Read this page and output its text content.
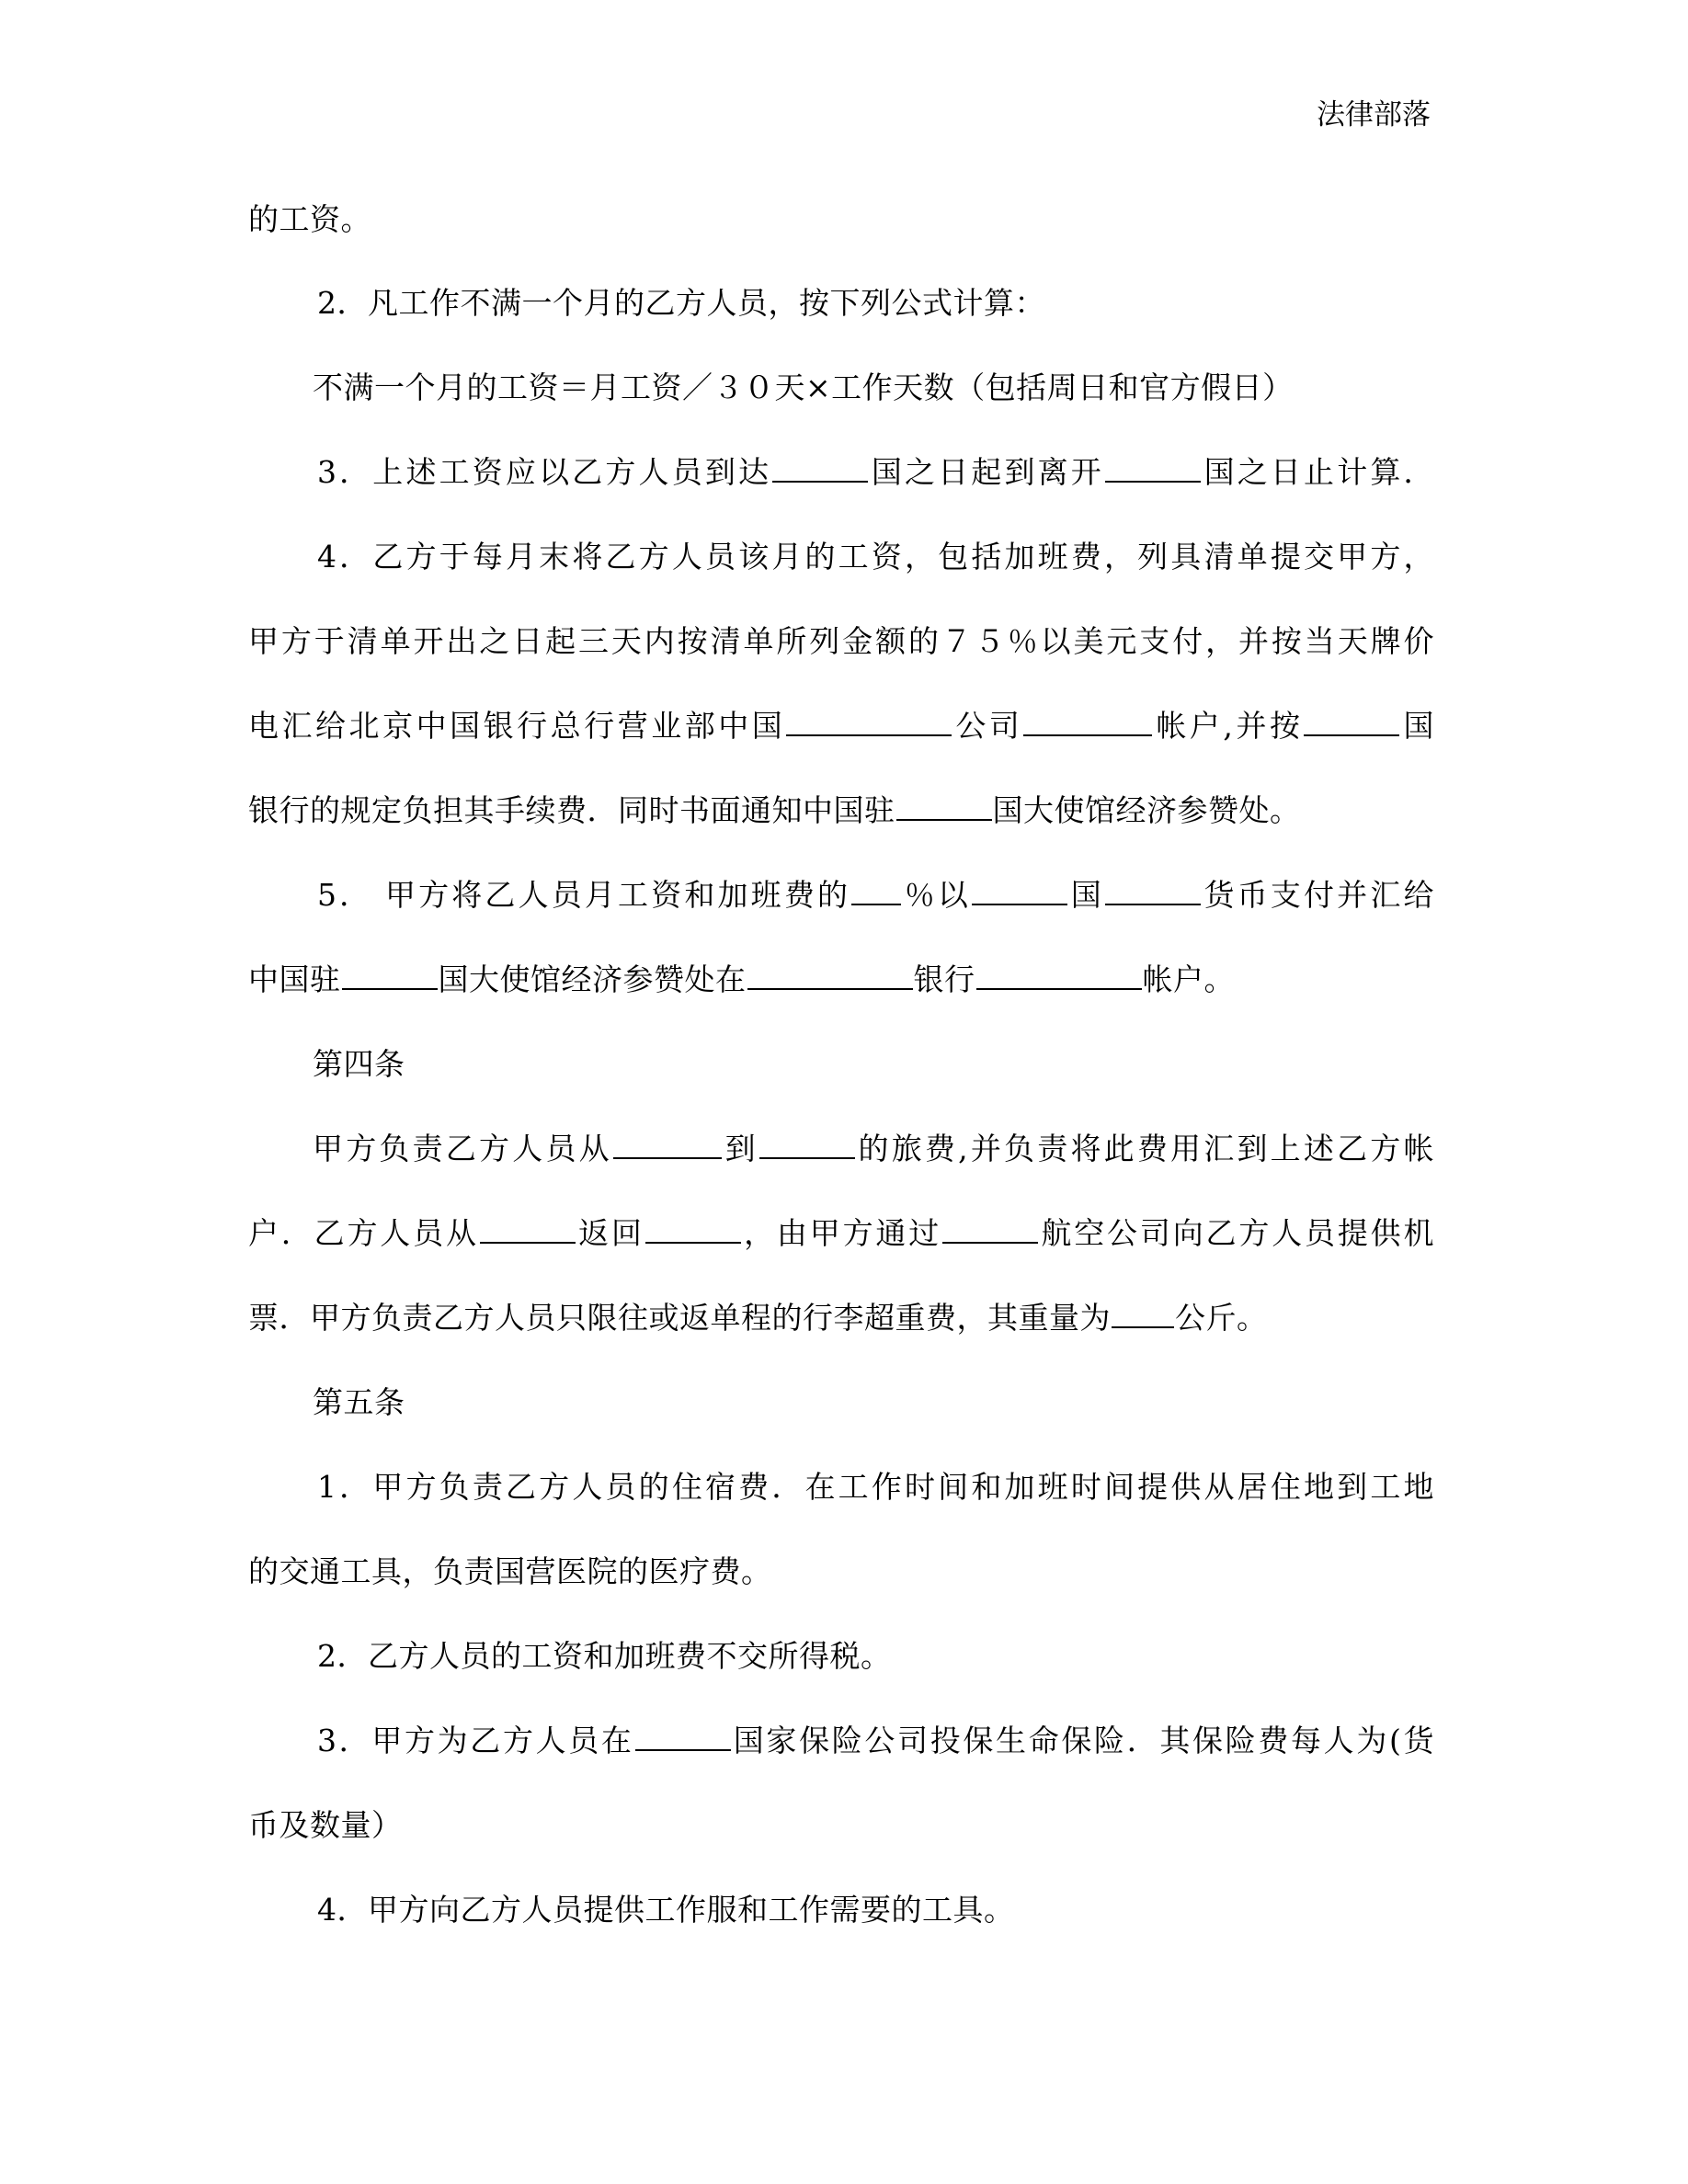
法律部落
的工资。
2．凡工作不满一个月的乙方人员，按下列公式计算：
不满一个月的工资＝月工资／３０天×工作天数（包括周日和官方假日）
3．上述工资应以乙方人员到达	国之日起到离开	国之日止计算．
4．乙方于每月末将乙方人员该月的工资，包括加班费，列具清单提交甲方，
甲方于清单开出之日起三天内按清单所列金额的７５％以美元支付，并按当天牌价
电汇给北京中国银行总行营业部中国	公司	帐户,并按	国
银行的规定负担其手续费．同时书面通知中国驻	国大使馆经济参赞处。
5． 甲方将乙人员月工资和加班费的 ％以	国	货币支付并汇给
中国驻	国大使馆经济参赞处在	银行	帐户。
第四条
甲方负责乙方人员从	到	的旅费,并负责将此费用汇到上述乙方帐
户．乙方人员从	返回	，由甲方通过	航空公司向乙方人员提供机
票．甲方负责乙方人员只限往或返单程的行李超重费，其重量为 公斤。
第五条
1．甲方负责乙方人员的住宿费．在工作时间和加班时间提供从居住地到工地
的交通工具，负责国营医院的医疗费。
2．乙方人员的工资和加班费不交所得税。
3．甲方为乙方人员在	国家保险公司投保生命保险．其保险费每人为(货
币及数量）
4．甲方向乙方人员提供工作服和工作需要的工具。
